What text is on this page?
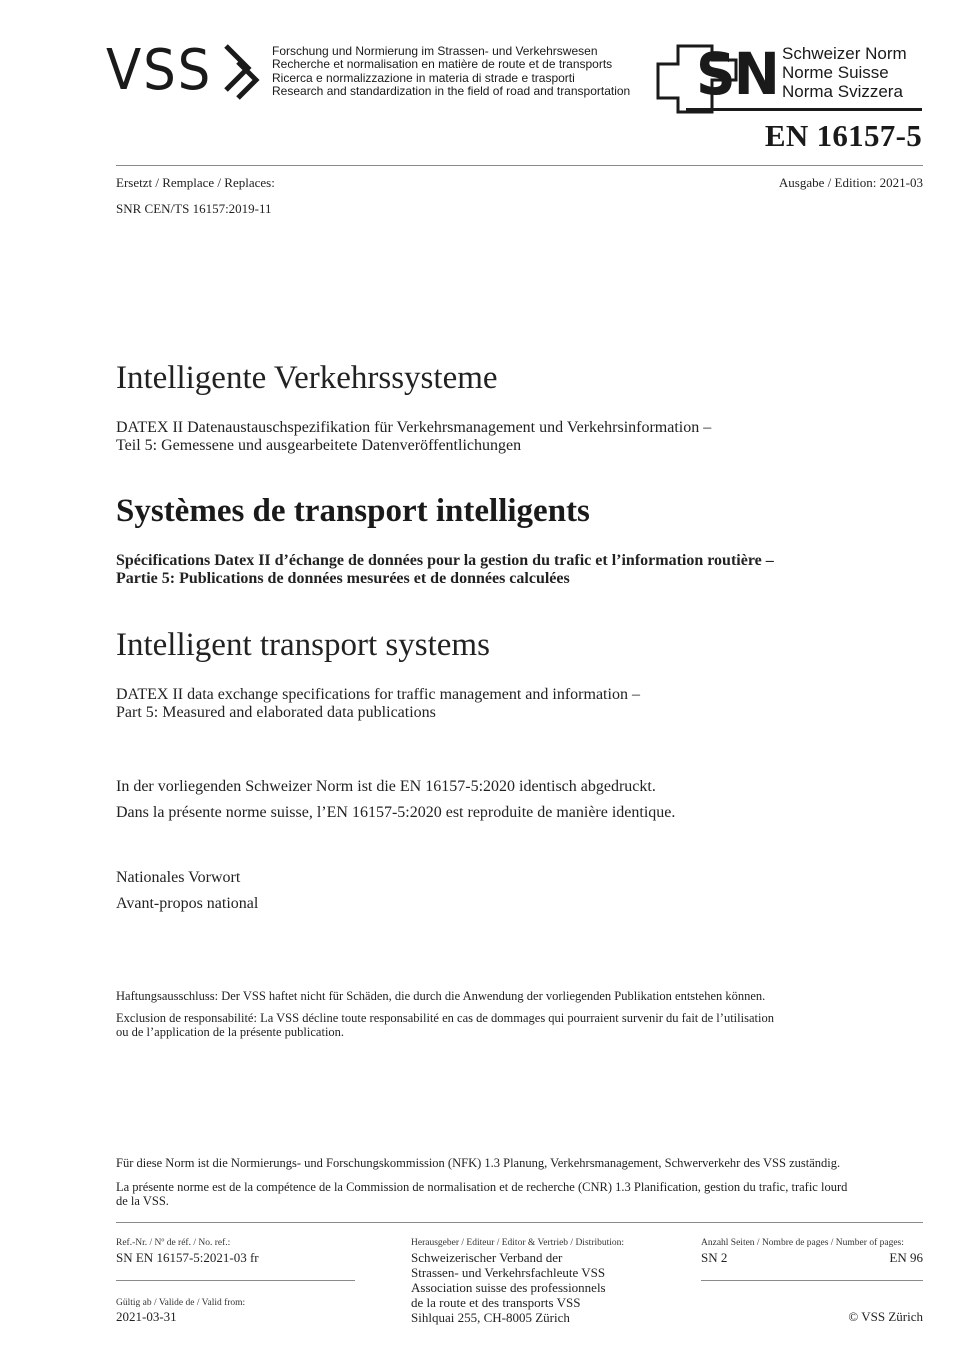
VSS	Forschung und Normierung im Strassen- und Verkehrswesen
Recherche et normalisation en matière de route et de transports
Ricerca e normalizzazione in materia di strade e trasporti
Research and standardization in the field of road and transportation	SN Schweizer Norm
Norme Suisse
Norma Svizzera
EN 16157-5
Ersetzt / Remplace / Replaces:	Ausgabe / Edition: 2021-03
SNR CEN/TS 16157:2019-11
Intelligente Verkehrssysteme
DATEX II Datenaustauschspezifikation für Verkehrsmanagement und Verkehrsinformation –
Teil 5: Gemessene und ausgearbeitete Datenveröffentlichungen
Systèmes de transport intelligents
Spécifications Datex II d’échange de données pour la gestion du trafic et l’information routière –
Partie 5: Publications de données mesurées et de données calculées
Intelligent transport systems
DATEX II data exchange specifications for traffic management and information –
Part 5: Measured and elaborated data publications
In der vorliegenden Schweizer Norm ist die EN 16157-5:2020 identisch abgedruckt.
Dans la présente norme suisse, l’EN 16157-5:2020 est reproduite de manière identique.
Nationales Vorwort
Avant-propos national
Haftungsausschluss: Der VSS haftet nicht für Schäden, die durch die Anwendung der vorliegenden Publikation entstehen können.
Exclusion de responsabilité: La VSS décline toute responsabilité en cas de dommages qui pourraient survenir du fait de l’utilisation
ou de l’application de la présente publication.
Für diese Norm ist die Normierungs- und Forschungskommission (NFK) 1.3 Planung, Verkehrsmanagement, Schwerverkehr des VSS zuständig.
La présente norme est de la compétence de la Commission de normalisation et de recherche (CNR) 1.3 Planification, gestion du trafic, trafic lourd
de la VSS.
Ref.-Nr. / Nº de réf. / No. ref.:
SN EN 16157-5:2021-03 fr
Gültig ab / Valide de / Valid from:
2021-03-31
Herausgeber / Editeur / Editor & Vertrieb / Distribution:
Schweizerischer Verband der
Strassen- und Verkehrsfachleute VSS
Association suisse des professionnels
de la route et des transports VSS
Sihlquai 255, CH-8005 Zürich
Anzahl Seiten / Nombre de pages / Number of pages:
SN 2	EN 96
© VSS Zürich
